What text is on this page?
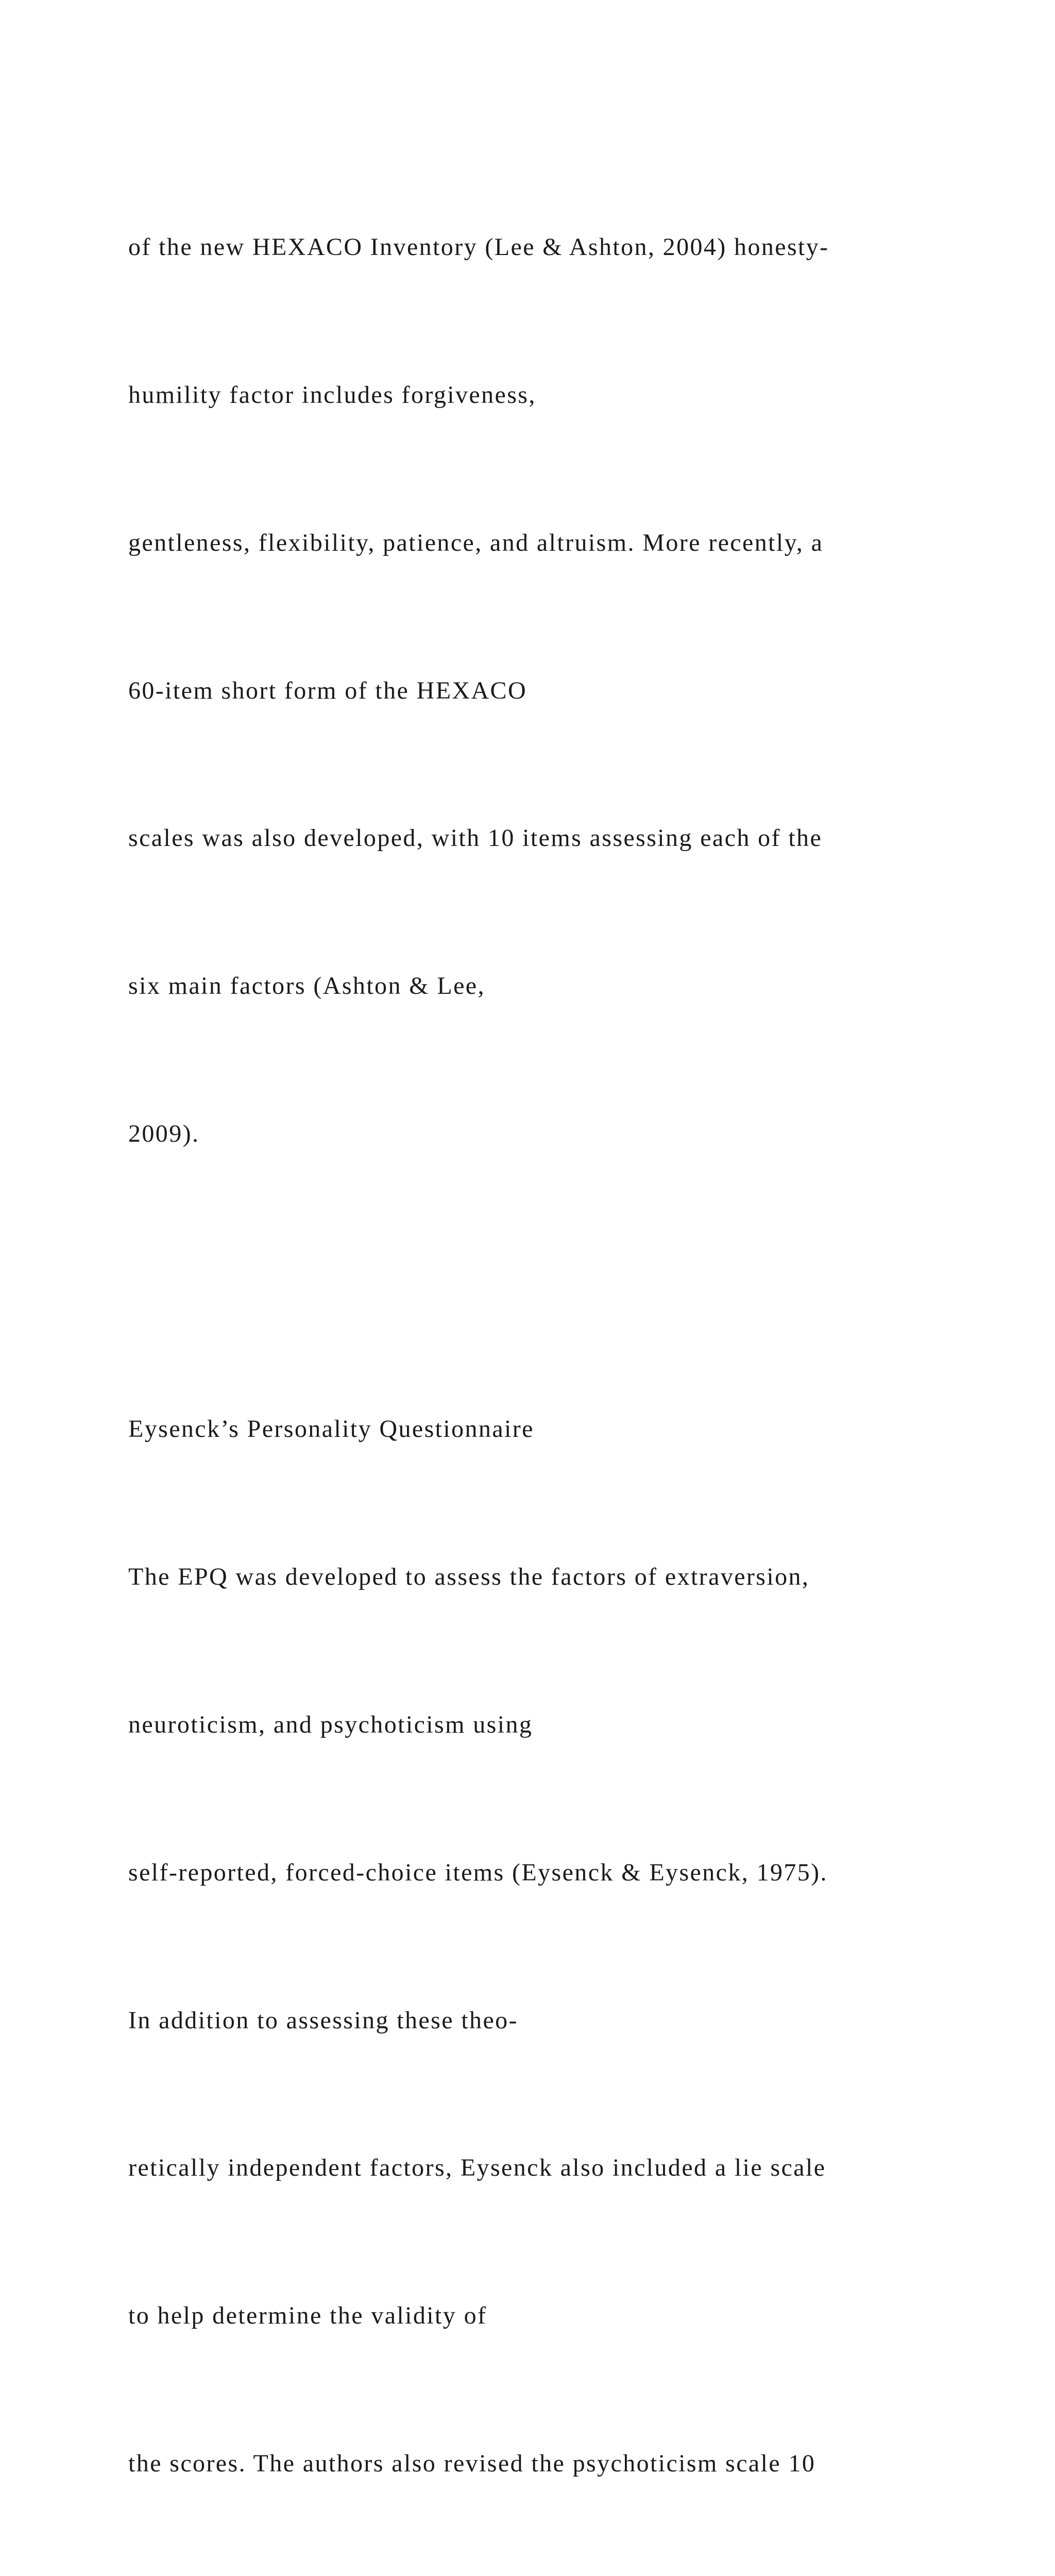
of the new HEXACO Inventory (Lee & Ashton, 2004) honesty-

humility factor includes forgiveness,

gentleness, flexibility, patience, and altruism. More recently, a

60-item short form of the HEXACO

scales was also developed, with 10 items assessing each of the

six main factors (Ashton & Lee,

2009).

Eysenck’s Personality Questionnaire

The EPQ was developed to assess the factors of extraversion,

neuroticism, and psychoticism using

self-reported, forced-choice items (Eysenck & Eysenck, 1975).

In addition to assessing these theo-

retically independent factors, Eysenck also included a lie scale

to help determine the validity of

the scores. The authors also revised the psychoticism scale 10
